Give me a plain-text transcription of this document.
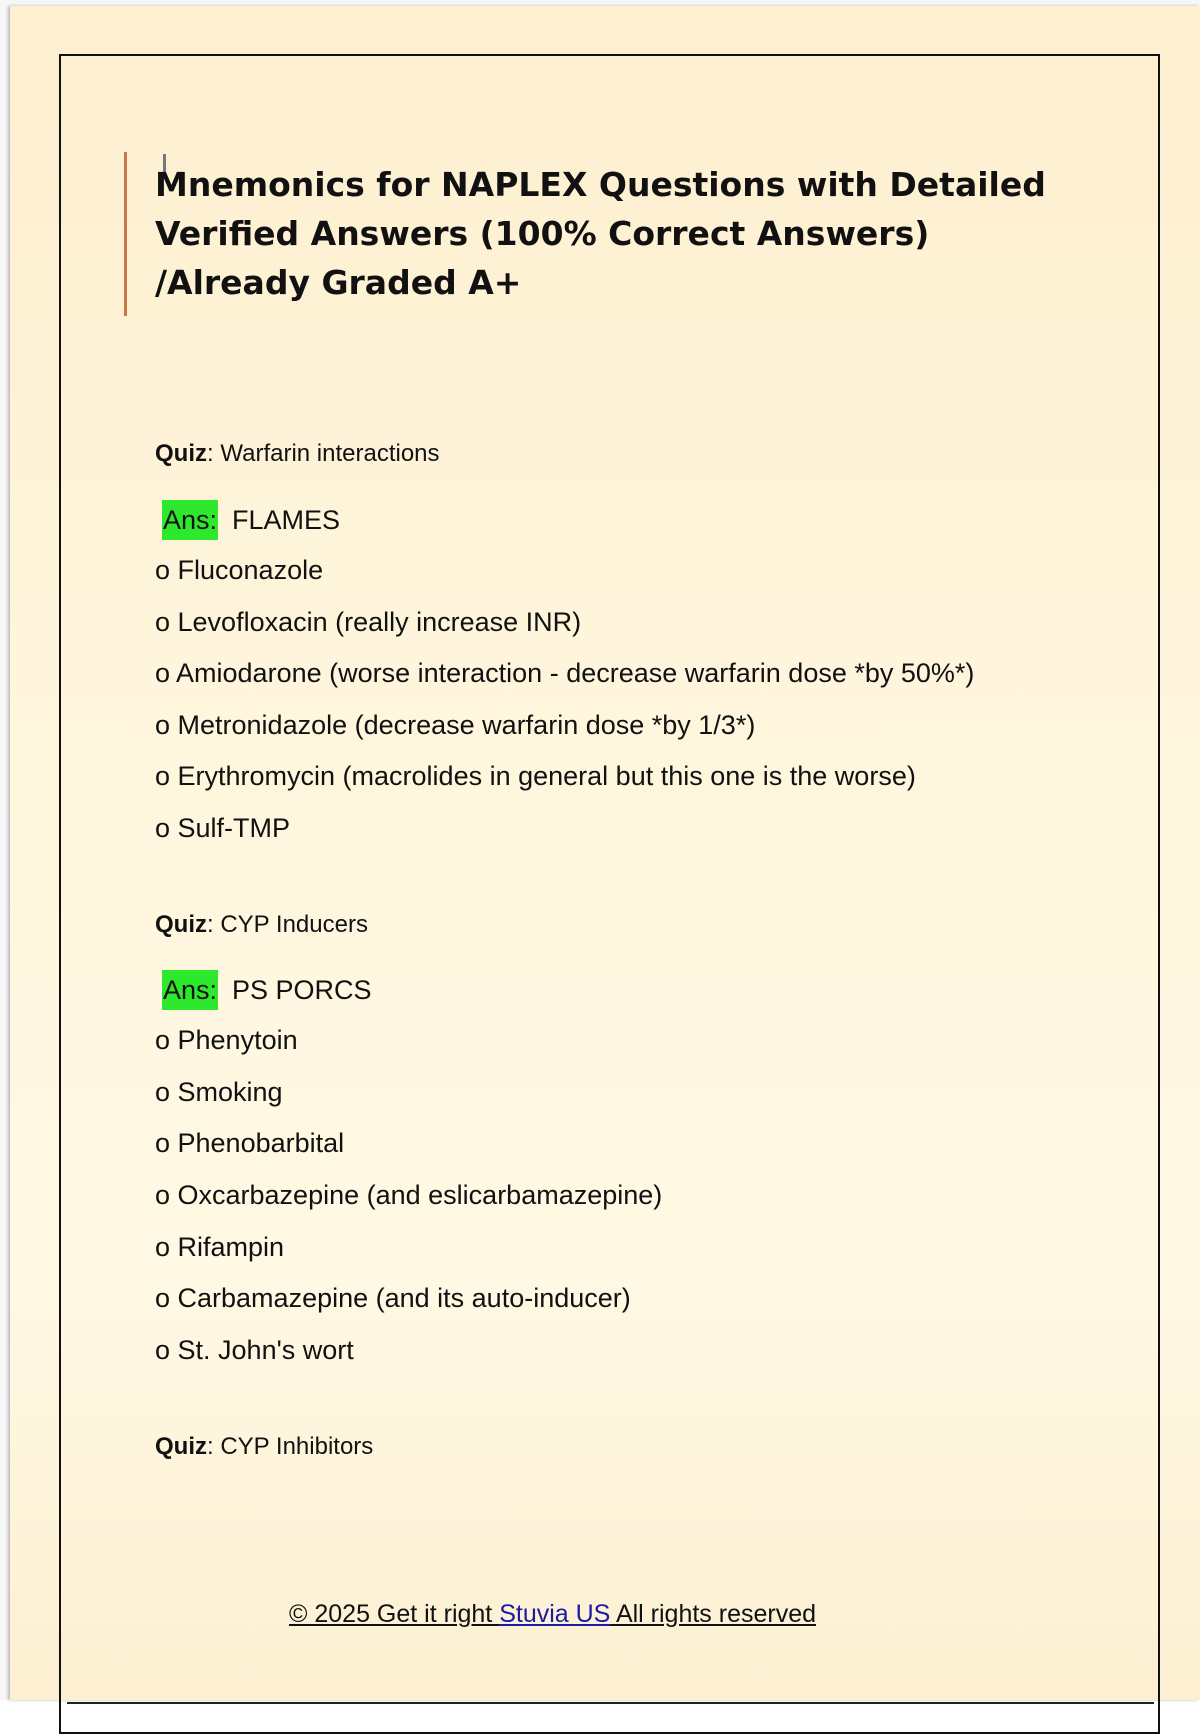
Mnemonics for NAPLEX Questions with Detailed Verified Answers (100% Correct Answers) /Already Graded A+
Quiz: Warfarin interactions
Ans: FLAMES
o Fluconazole
o Levofloxacin (really increase INR)
o Amiodarone (worse interaction - decrease warfarin dose *by 50%*)
o Metronidazole (decrease warfarin dose *by 1/3*)
o Erythromycin (macrolides in general but this one is the worse)
o Sulf-TMP
Quiz: CYP Inducers
Ans: PS PORCS
o Phenytoin
o Smoking
o Phenobarbital
o Oxcarbazepine (and eslicarbamazepine)
o Rifampin
o Carbamazepine (and its auto-inducer)
o St. John's wort
Quiz: CYP Inhibitors
© 2025 Get it right Stuvia US All rights reserved
